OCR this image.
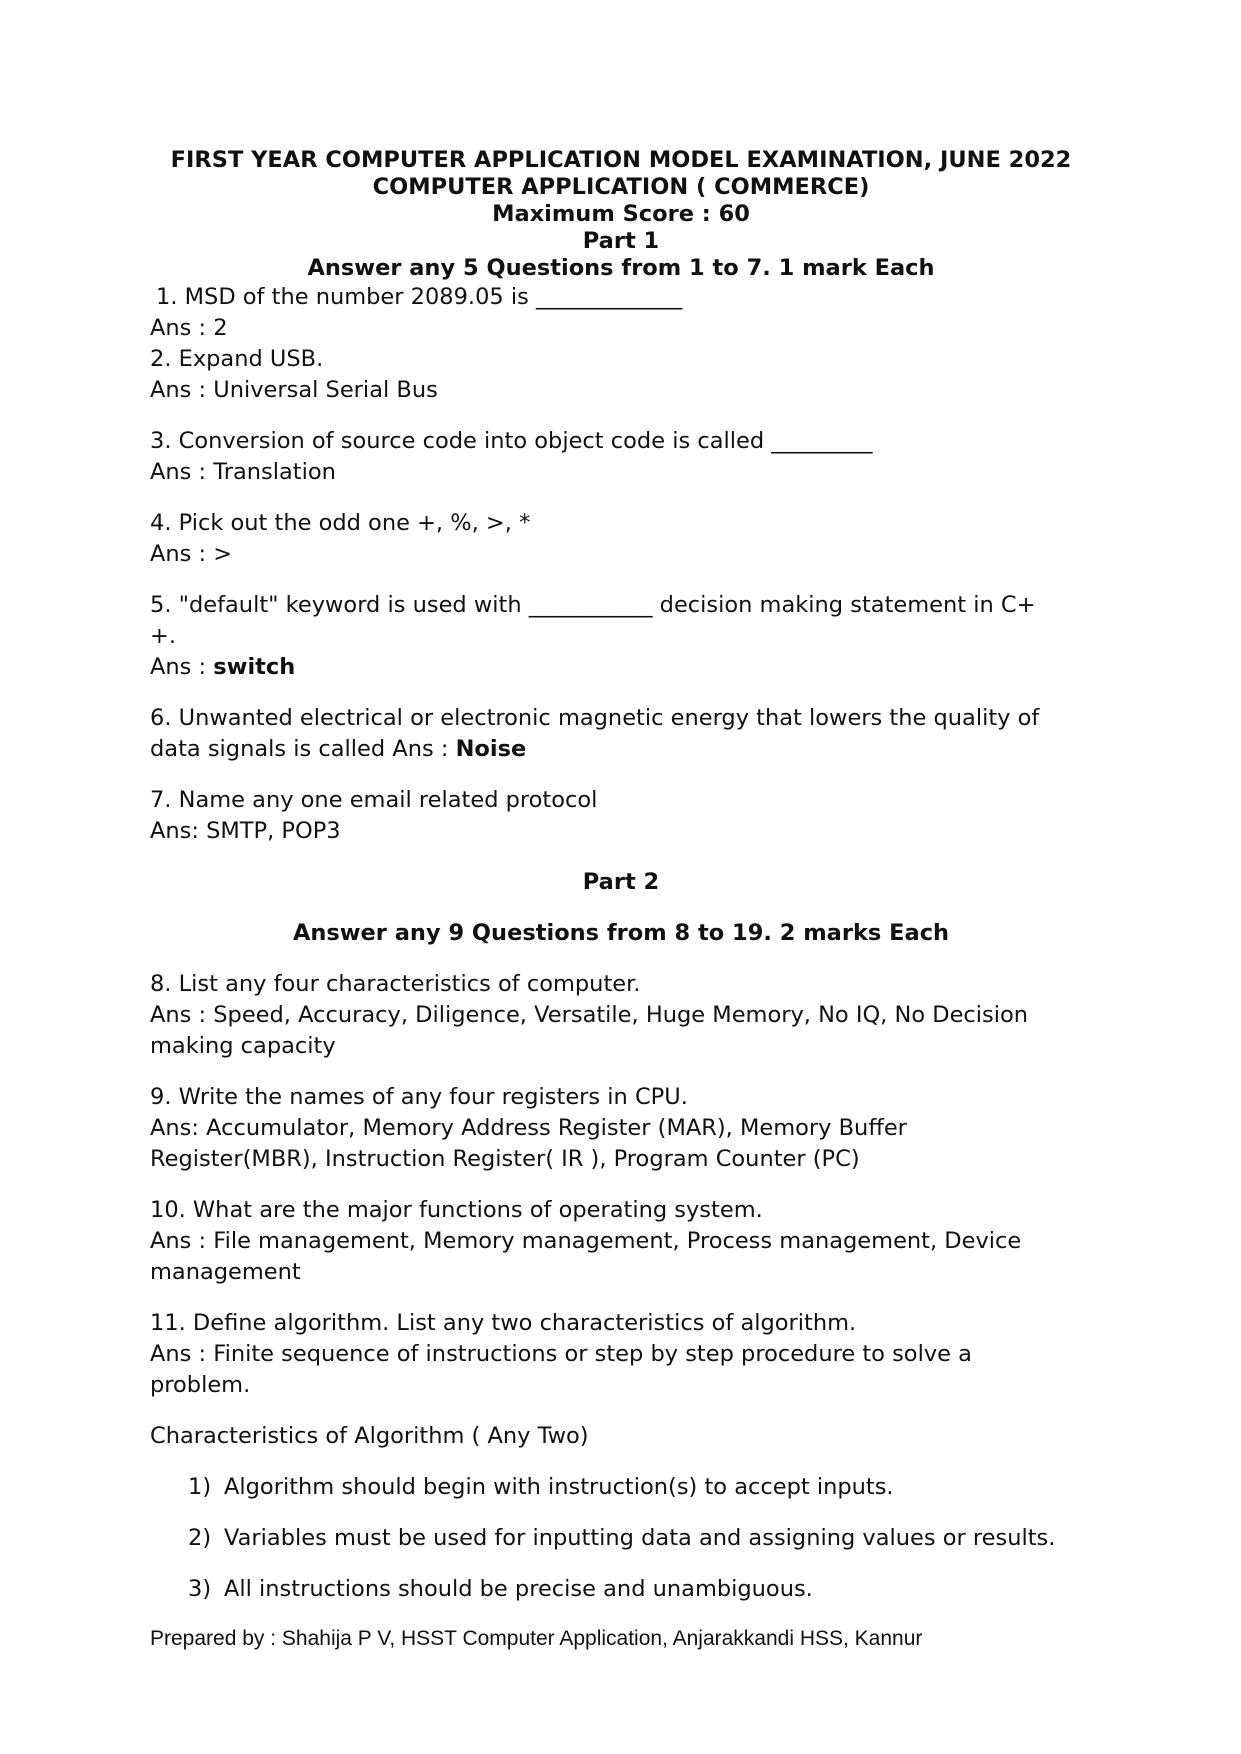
FIRST YEAR COMPUTER APPLICATION MODEL EXAMINATION, JUNE 2022
COMPUTER APPLICATION ( COMMERCE)
Maximum Score : 60
Part 1
Answer any 5 Questions from 1 to 7. 1 mark Each
1. MSD of the number 2089.05 is _____________
Ans : 2
2. Expand USB.
Ans : Universal Serial Bus
3. Conversion of source code into object code is called _________
Ans : Translation
4. Pick out the odd one +, %, >, *
Ans : >
5. "default" keyword is used with ___________ decision making statement in C+
+.
Ans : switch
6. Unwanted electrical or electronic magnetic energy that lowers the quality of
data signals is called Ans : Noise
7. Name any one email related protocol
Ans: SMTP, POP3
Part 2
Answer any 9 Questions from 8 to 19. 2 marks Each
8. List any four characteristics of computer.
Ans : Speed, Accuracy, Diligence, Versatile, Huge Memory, No IQ, No Decision
making capacity
9. Write the names of any four registers in CPU.
Ans: Accumulator, Memory Address Register (MAR), Memory Buffer
Register(MBR), Instruction Register( IR ), Program Counter (PC)
10. What are the major functions of operating system.
Ans : File management, Memory management, Process management, Device
management
11. Define algorithm. List any two characteristics of algorithm.
Ans : Finite sequence of instructions or step by step procedure to solve a
problem.
Characteristics of Algorithm ( Any Two)
1) Algorithm should begin with instruction(s) to accept inputs.
2) Variables must be used for inputting data and assigning values or results.
3) All instructions should be precise and unambiguous.
Prepared by : Shahija P V, HSST Computer Application, Anjarakkandi HSS, Kannur
